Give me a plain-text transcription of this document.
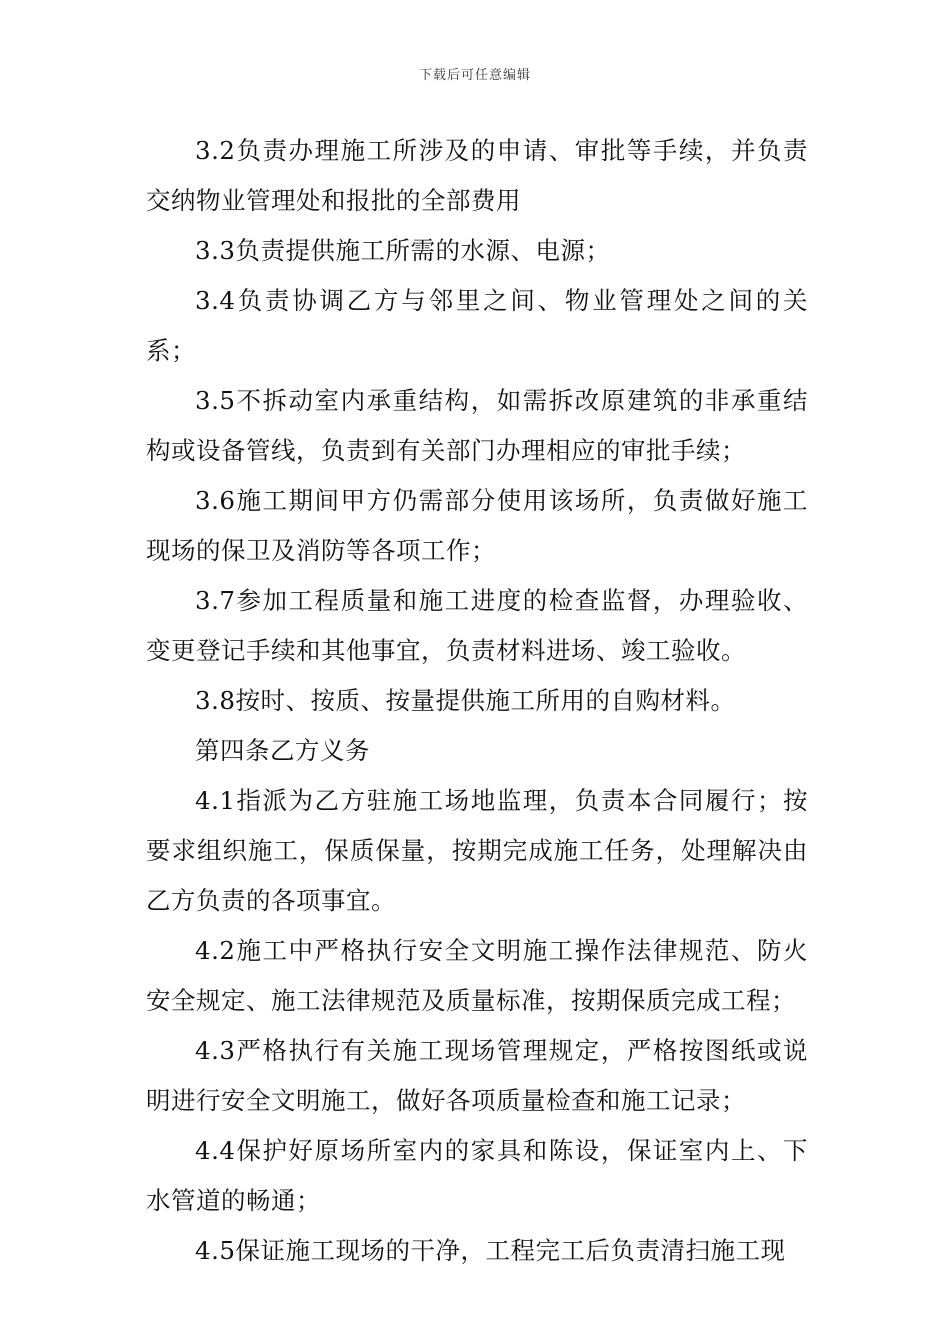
下载后可任意编辑

3.2负责办理施工所涉及的申请、审批等手续，并负责交纳物业管理处和报批的全部费用

3.3负责提供施工所需的水源、电源；

3.4负责协调乙方与邻里之间、物业管理处之间的关系；

3.5不拆动室内承重结构，如需拆改原建筑的非承重结构或设备管线，负责到有关部门办理相应的审批手续；

3.6施工期间甲方仍需部分使用该场所，负责做好施工现场的保卫及消防等各项工作；

3.7参加工程质量和施工进度的检查监督，办理验收、变更登记手续和其他事宜，负责材料进场、竣工验收。

3.8按时、按质、按量提供施工所用的自购材料。

第四条乙方义务

4.1指派为乙方驻施工场地监理，负责本合同履行；按要求组织施工，保质保量，按期完成施工任务，处理解决由乙方负责的各项事宜。

4.2施工中严格执行安全文明施工操作法律规范、防火安全规定、施工法律规范及质量标准，按期保质完成工程；

4.3严格执行有关施工现场管理规定，严格按图纸或说明进行安全文明施工，做好各项质量检查和施工记录；

4.4保护好原场所室内的家具和陈设，保证室内上、下水管道的畅通；

4.5保证施工现场的干净，工程完工后负责清扫施工现
